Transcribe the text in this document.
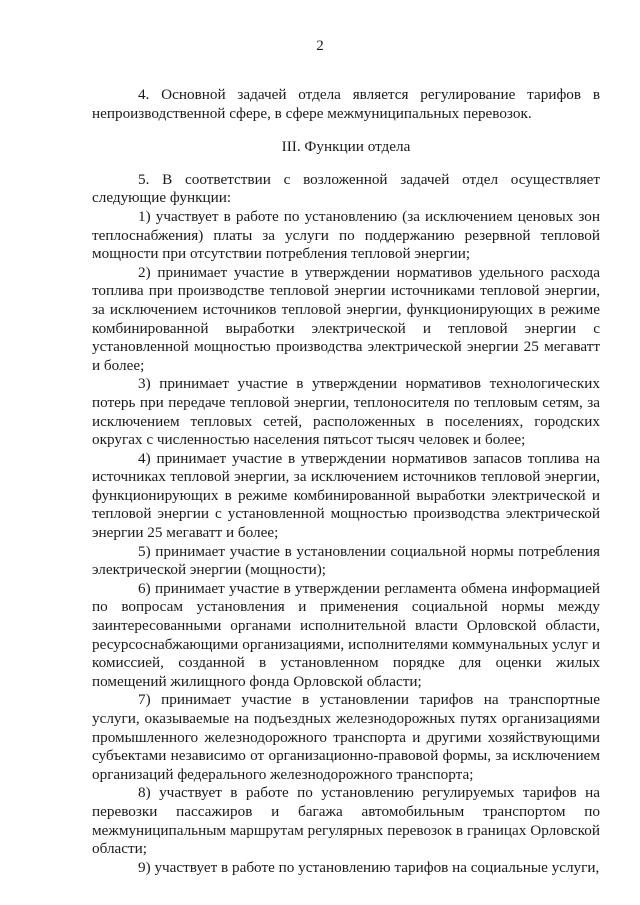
2

4. Основной задачей отдела является регулирование тарифов в непроизводственной сфере, в сфере межмуниципальных перевозок.

III. Функции отдела

5. В соответствии с возложенной задачей отдел осуществляет следующие функции:

1) участвует в работе по установлению (за исключением ценовых зон теплоснабжения) платы за услуги по поддержанию резервной тепловой мощности при отсутствии потребления тепловой энергии;

2) принимает участие в утверждении нормативов удельного расхода топлива при производстве тепловой энергии источниками тепловой энергии, за исключением источников тепловой энергии, функционирующих в режиме комбинированной выработки электрической и тепловой энергии с установленной мощностью производства электрической энергии 25 мегаватт и более;

3) принимает участие в утверждении нормативов технологических потерь при передаче тепловой энергии, теплоносителя по тепловым сетям, за исключением тепловых сетей, расположенных в поселениях, городских округах с численностью населения пятьсот тысяч человек и более;

4) принимает участие в утверждении нормативов запасов топлива на источниках тепловой энергии, за исключением источников тепловой энергии, функционирующих в режиме комбинированной выработки электрической и тепловой энергии с установленной мощностью производства электрической энергии 25 мегаватт и более;

5) принимает участие в установлении социальной нормы потребления электрической энергии (мощности);

6) принимает участие в утверждении регламента обмена информацией по вопросам установления и применения социальной нормы между заинтересованными органами исполнительной власти Орловской области, ресурсоснабжающими организациями, исполнителями коммунальных услуг и комиссией, созданной в установленном порядке для оценки жилых помещений жилищного фонда Орловской области;

7) принимает участие в установлении тарифов на транспортные услуги, оказываемые на подъездных железнодорожных путях организациями промышленного железнодорожного транспорта и другими хозяйствующими субъектами независимо от организационно-правовой формы, за исключением организаций федерального железнодорожного транспорта;

8) участвует в работе по установлению регулируемых тарифов на перевозки пассажиров и багажа автомобильным транспортом по межмуниципальным маршрутам регулярных перевозок в границах Орловской области;

9) участвует в работе по установлению тарифов на социальные услуги,
